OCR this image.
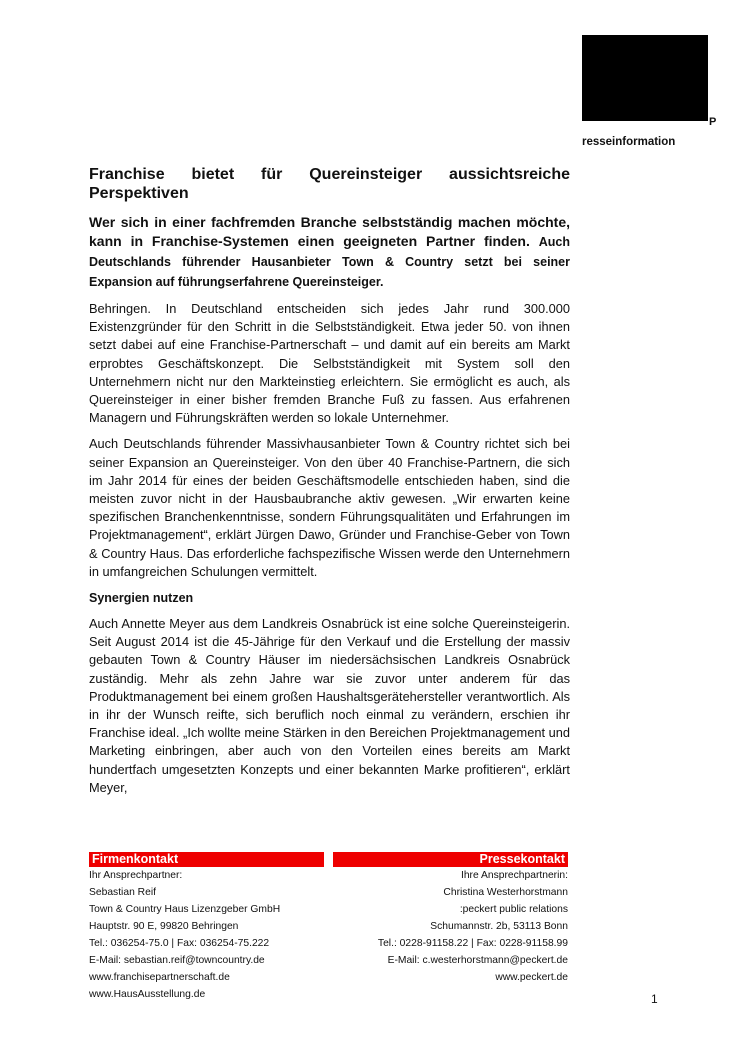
P
resseinformation
Franchise bietet für Quereinsteiger aussichtsreiche Perspektiven

Wer sich in einer fachfremden Branche selbstständig machen möchte, kann in Franchise-Systemen einen geeigneten Partner finden. Auch Deutschlands führender Hausanbieter Town & Country setzt bei seiner Expansion auf führungserfahrene Quereinsteiger.

Behringen. In Deutschland entscheiden sich jedes Jahr rund 300.000 Existenzgründer für den Schritt in die Selbstständigkeit. Etwa jeder 50. von ihnen setzt dabei auf eine Franchise-Partnerschaft – und damit auf ein bereits am Markt erprobtes Geschäftskonzept. Die Selbstständigkeit mit System soll den Unternehmern nicht nur den Markteinstieg erleichtern. Sie ermöglicht es auch, als Quereinsteiger in einer bisher fremden Branche Fuß zu fassen. Aus erfahrenen Managern und Führungskräften werden so lokale Unternehmer.

Auch Deutschlands führender Massivhausanbieter Town & Country richtet sich bei seiner Expansion an Quereinsteiger. Von den über 40 Franchise-Partnern, die sich im Jahr 2014 für eines der beiden Geschäftsmodelle entschieden haben, sind die meisten zuvor nicht in der Hausbaubranche aktiv gewesen. „Wir erwarten keine spezifischen Branchenkenntnisse, sondern Führungsqualitäten und Erfahrungen im Projektmanagement“, erklärt Jürgen Dawo, Gründer und Franchise-Geber von Town & Country Haus. Das erforderliche fachspezifische Wissen werde den Unternehmern in umfangreichen Schulungen vermittelt.

Synergien nutzen

Auch Annette Meyer aus dem Landkreis Osnabrück ist eine solche Quereinsteigerin. Seit August 2014 ist die 45-Jährige für den Verkauf und die Erstellung der massiv gebauten Town & Country Häuser im niedersächsischen Landkreis Osnabrück zuständig. Mehr als zehn Jahre war sie zuvor unter anderem für das Produktmanagement bei einem großen Haushaltsgerätehersteller verantwortlich. Als in ihr der Wunsch reifte, sich beruflich noch einmal zu verändern, erschien ihr Franchise ideal. „Ich wollte meine Stärken in den Bereichen Projektmanagement und Marketing einbringen, aber auch von den Vorteilen eines bereits am Markt hundertfach umgesetzten Konzepts und einer bekannten Marke profitieren“, erklärt Meyer,

Firmenkontakt
Ihr Ansprechpartner:
Sebastian Reif
Town & Country Haus Lizenzgeber GmbH
Hauptstr. 90 E, 99820 Behringen
Tel.: 036254-75.0 | Fax: 036254-75.222
E-Mail: sebastian.reif@towncountry.de
www.franchisepartnerschaft.de
www.HausAusstellung.de
Pressekontakt
Ihre Ansprechpartnerin:
Christina Westerhorstmann
:peckert public relations
Schumannstr. 2b, 53113 Bonn
Tel.: 0228-91158.22 | Fax: 0228-91158.99
E-Mail: c.westerhorstmann@peckert.de
www.peckert.de
1
